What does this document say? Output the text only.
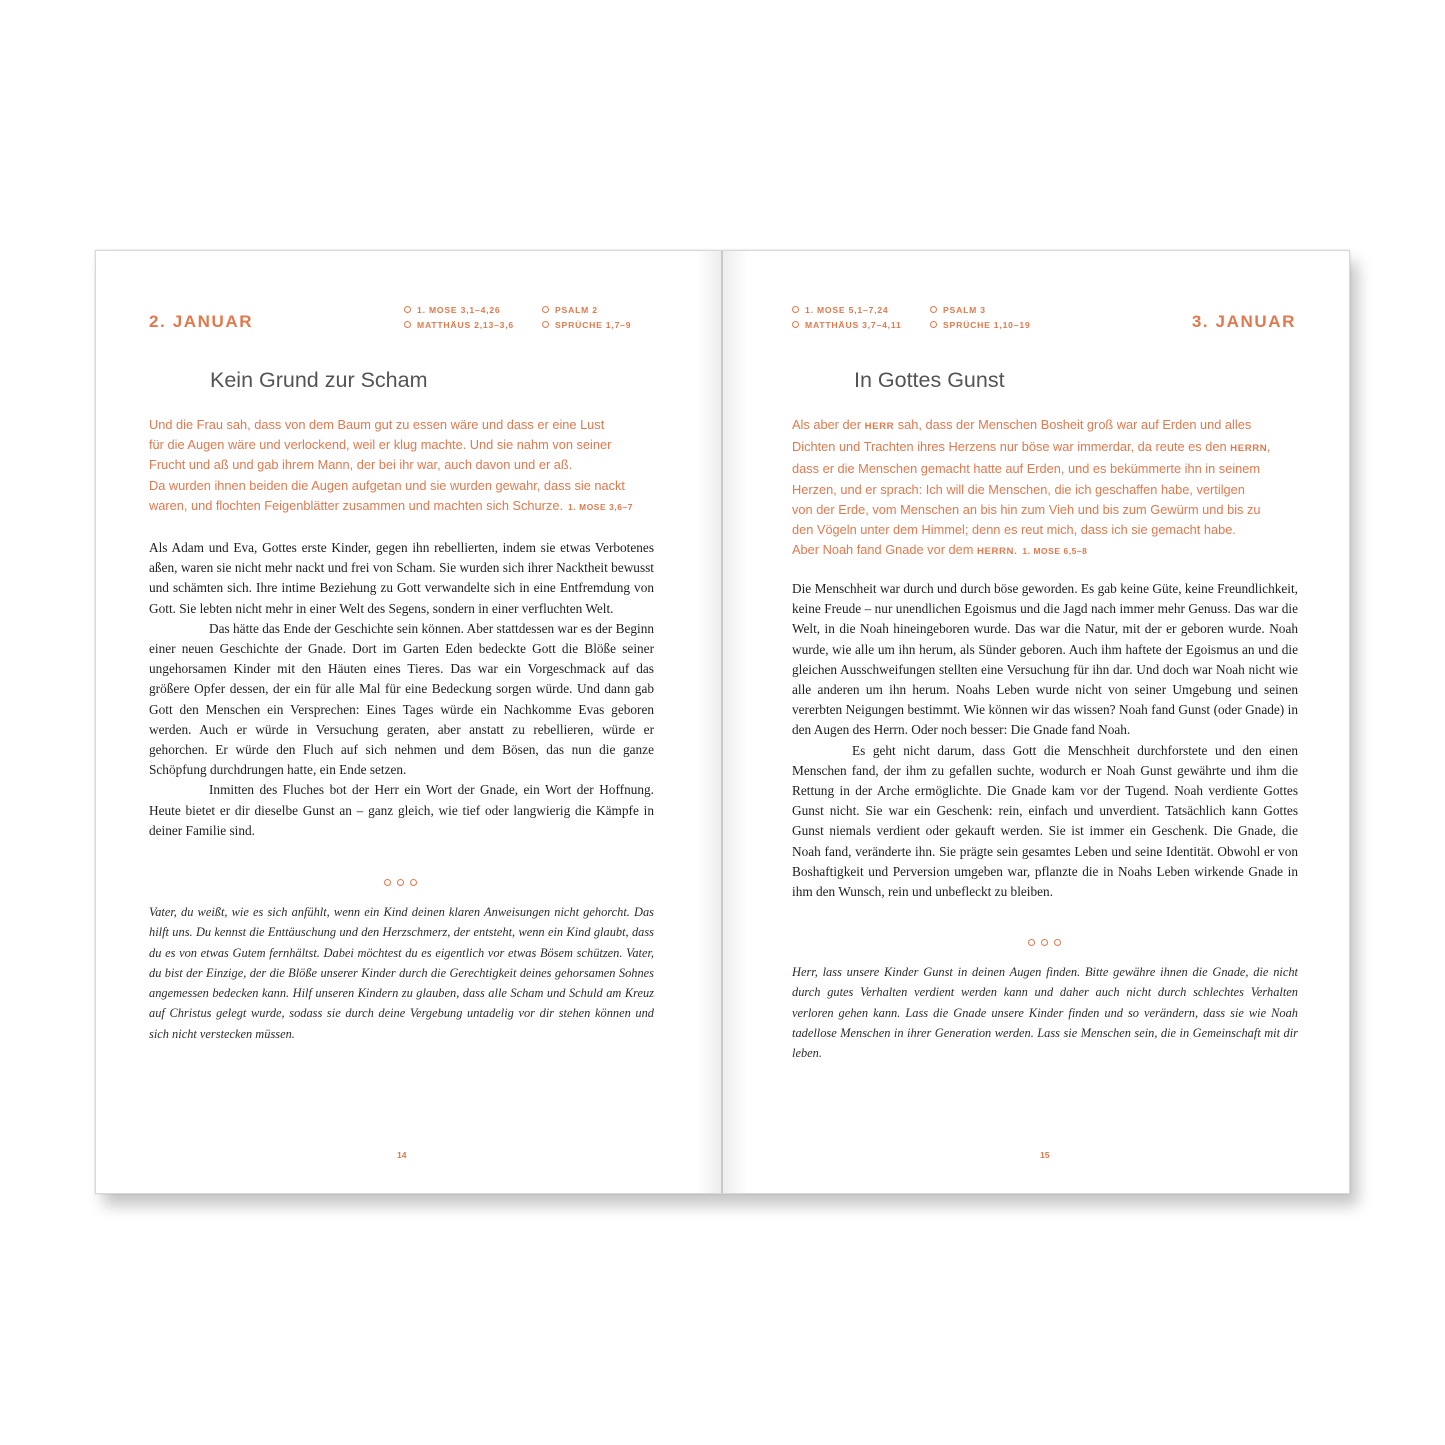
2. JANUAR
1. MOSE 3,1–4,26	PSALM 2
MATTHÄUS 2,13–3,6	SPRÜCHE 1,7–9
Kein Grund zur Scham
Und die Frau sah, dass von dem Baum gut zu essen wäre und dass er eine Lust
für die Augen wäre und verlockend, weil er klug machte. Und sie nahm von seiner
Frucht und aß und gab ihrem Mann, der bei ihr war, auch davon und er aß.
Da wurden ihnen beiden die Augen aufgetan und sie wurden gewahr, dass sie nackt
waren, und flochten Feigenblätter zusammen und machten sich Schurze. 1. MOSE 3,6–7

Als Adam und Eva, Gottes erste Kinder, gegen ihn rebellierten, indem sie etwas Verbotenes aßen, waren sie nicht mehr nackt und frei von Scham. Sie wurden sich ihrer Nacktheit bewusst und schämten sich. Ihre intime Beziehung zu Gott verwandelte sich in eine Entfremdung von Gott. Sie lebten nicht mehr in einer Welt des Segens, sondern in einer verfluchten Welt.

Das hätte das Ende der Geschichte sein können. Aber stattdessen war es der Beginn einer neuen Geschichte der Gnade. Dort im Garten Eden bedeckte Gott die Blöße seiner ungehorsamen Kinder mit den Häuten eines Tieres. Das war ein Vorgeschmack auf das größere Opfer dessen, der ein für alle Mal für eine Bedeckung sorgen würde. Und dann gab Gott den Menschen ein Versprechen: Eines Tages würde ein Nachkomme Evas geboren werden. Auch er würde in Versuchung geraten, aber anstatt zu rebellieren, würde er gehorchen. Er würde den Fluch auf sich nehmen und dem Bösen, das nun die ganze Schöpfung durchdrungen hatte, ein Ende setzen.

Inmitten des Fluches bot der Herr ein Wort der Gnade, ein Wort der Hoffnung. Heute bietet er dir dieselbe Gunst an – ganz gleich, wie tief oder langwierig die Kämpfe in deiner Familie sind.

Vater, du weißt, wie es sich anfühlt, wenn ein Kind deinen klaren Anweisungen nicht gehorcht. Das hilft uns. Du kennst die Enttäuschung und den Herzschmerz, der entsteht, wenn ein Kind glaubt, dass du es von etwas Gutem fernhältst. Dabei möchtest du es eigentlich vor etwas Bösem schützen. Vater, du bist der Einzige, der die Blöße unserer Kinder durch die Gerechtigkeit deines gehorsamen Sohnes angemessen bedecken kann. Hilf unseren Kindern zu glauben, dass alle Scham und Schuld am Kreuz auf Christus gelegt wurde, sodass sie durch deine Vergebung untadelig vor dir stehen können und sich nicht verstecken müssen.

14
1. MOSE 5,1–7,24	PSALM 3
MATTHÄUS 3,7–4,11	SPRÜCHE 1,10–19	3. JANUAR
In Gottes Gunst
Als aber der HERR sah, dass der Menschen Bosheit groß war auf Erden und alles
Dichten und Trachten ihres Herzens nur böse war immerdar, da reute es den HERRN,
dass er die Menschen gemacht hatte auf Erden, und es bekümmerte ihn in seinem
Herzen, und er sprach: Ich will die Menschen, die ich geschaffen habe, vertilgen
von der Erde, vom Menschen an bis hin zum Vieh und bis zum Gewürm und bis zu
den Vögeln unter dem Himmel; denn es reut mich, dass ich sie gemacht habe.
Aber Noah fand Gnade vor dem HERRN. 1. MOSE 6,5–8

Die Menschheit war durch und durch böse geworden. Es gab keine Güte, keine Freundlichkeit, keine Freude – nur unendlichen Egoismus und die Jagd nach immer mehr Genuss. Das war die Welt, in die Noah hineingeboren wurde. Das war die Natur, mit der er geboren wurde. Noah wurde, wie alle um ihn herum, als Sünder geboren. Auch ihm haftete der Egoismus an und die gleichen Ausschweifungen stellten eine Versuchung für ihn dar. Und doch war Noah nicht wie alle anderen um ihn herum. Noahs Leben wurde nicht von seiner Umgebung und seinen vererbten Neigungen bestimmt. Wie können wir das wissen? Noah fand Gunst (oder Gnade) in den Augen des Herrn. Oder noch besser: Die Gnade fand Noah.

Es geht nicht darum, dass Gott die Menschheit durchforstete und den einen Menschen fand, der ihm zu gefallen suchte, wodurch er Noah Gunst gewährte und ihm die Rettung in der Arche ermöglichte. Die Gnade kam vor der Tugend. Noah verdiente Gottes Gunst nicht. Sie war ein Geschenk: rein, einfach und unverdient. Tatsächlich kann Gottes Gunst niemals verdient oder gekauft werden. Sie ist immer ein Geschenk. Die Gnade, die Noah fand, veränderte ihn. Sie prägte sein gesamtes Leben und seine Identität. Obwohl er von Boshaftigkeit und Perversion umgeben war, pflanzte die in Noahs Leben wirkende Gnade in ihm den Wunsch, rein und unbefleckt zu bleiben.

Herr, lass unsere Kinder Gunst in deinen Augen finden. Bitte gewähre ihnen die Gnade, die nicht durch gutes Verhalten verdient werden kann und daher auch nicht durch schlechtes Verhalten verloren gehen kann. Lass die Gnade unsere Kinder finden und so verändern, dass sie wie Noah tadellose Menschen in ihrer Generation werden. Lass sie Menschen sein, die in Gemeinschaft mit dir leben.

15
